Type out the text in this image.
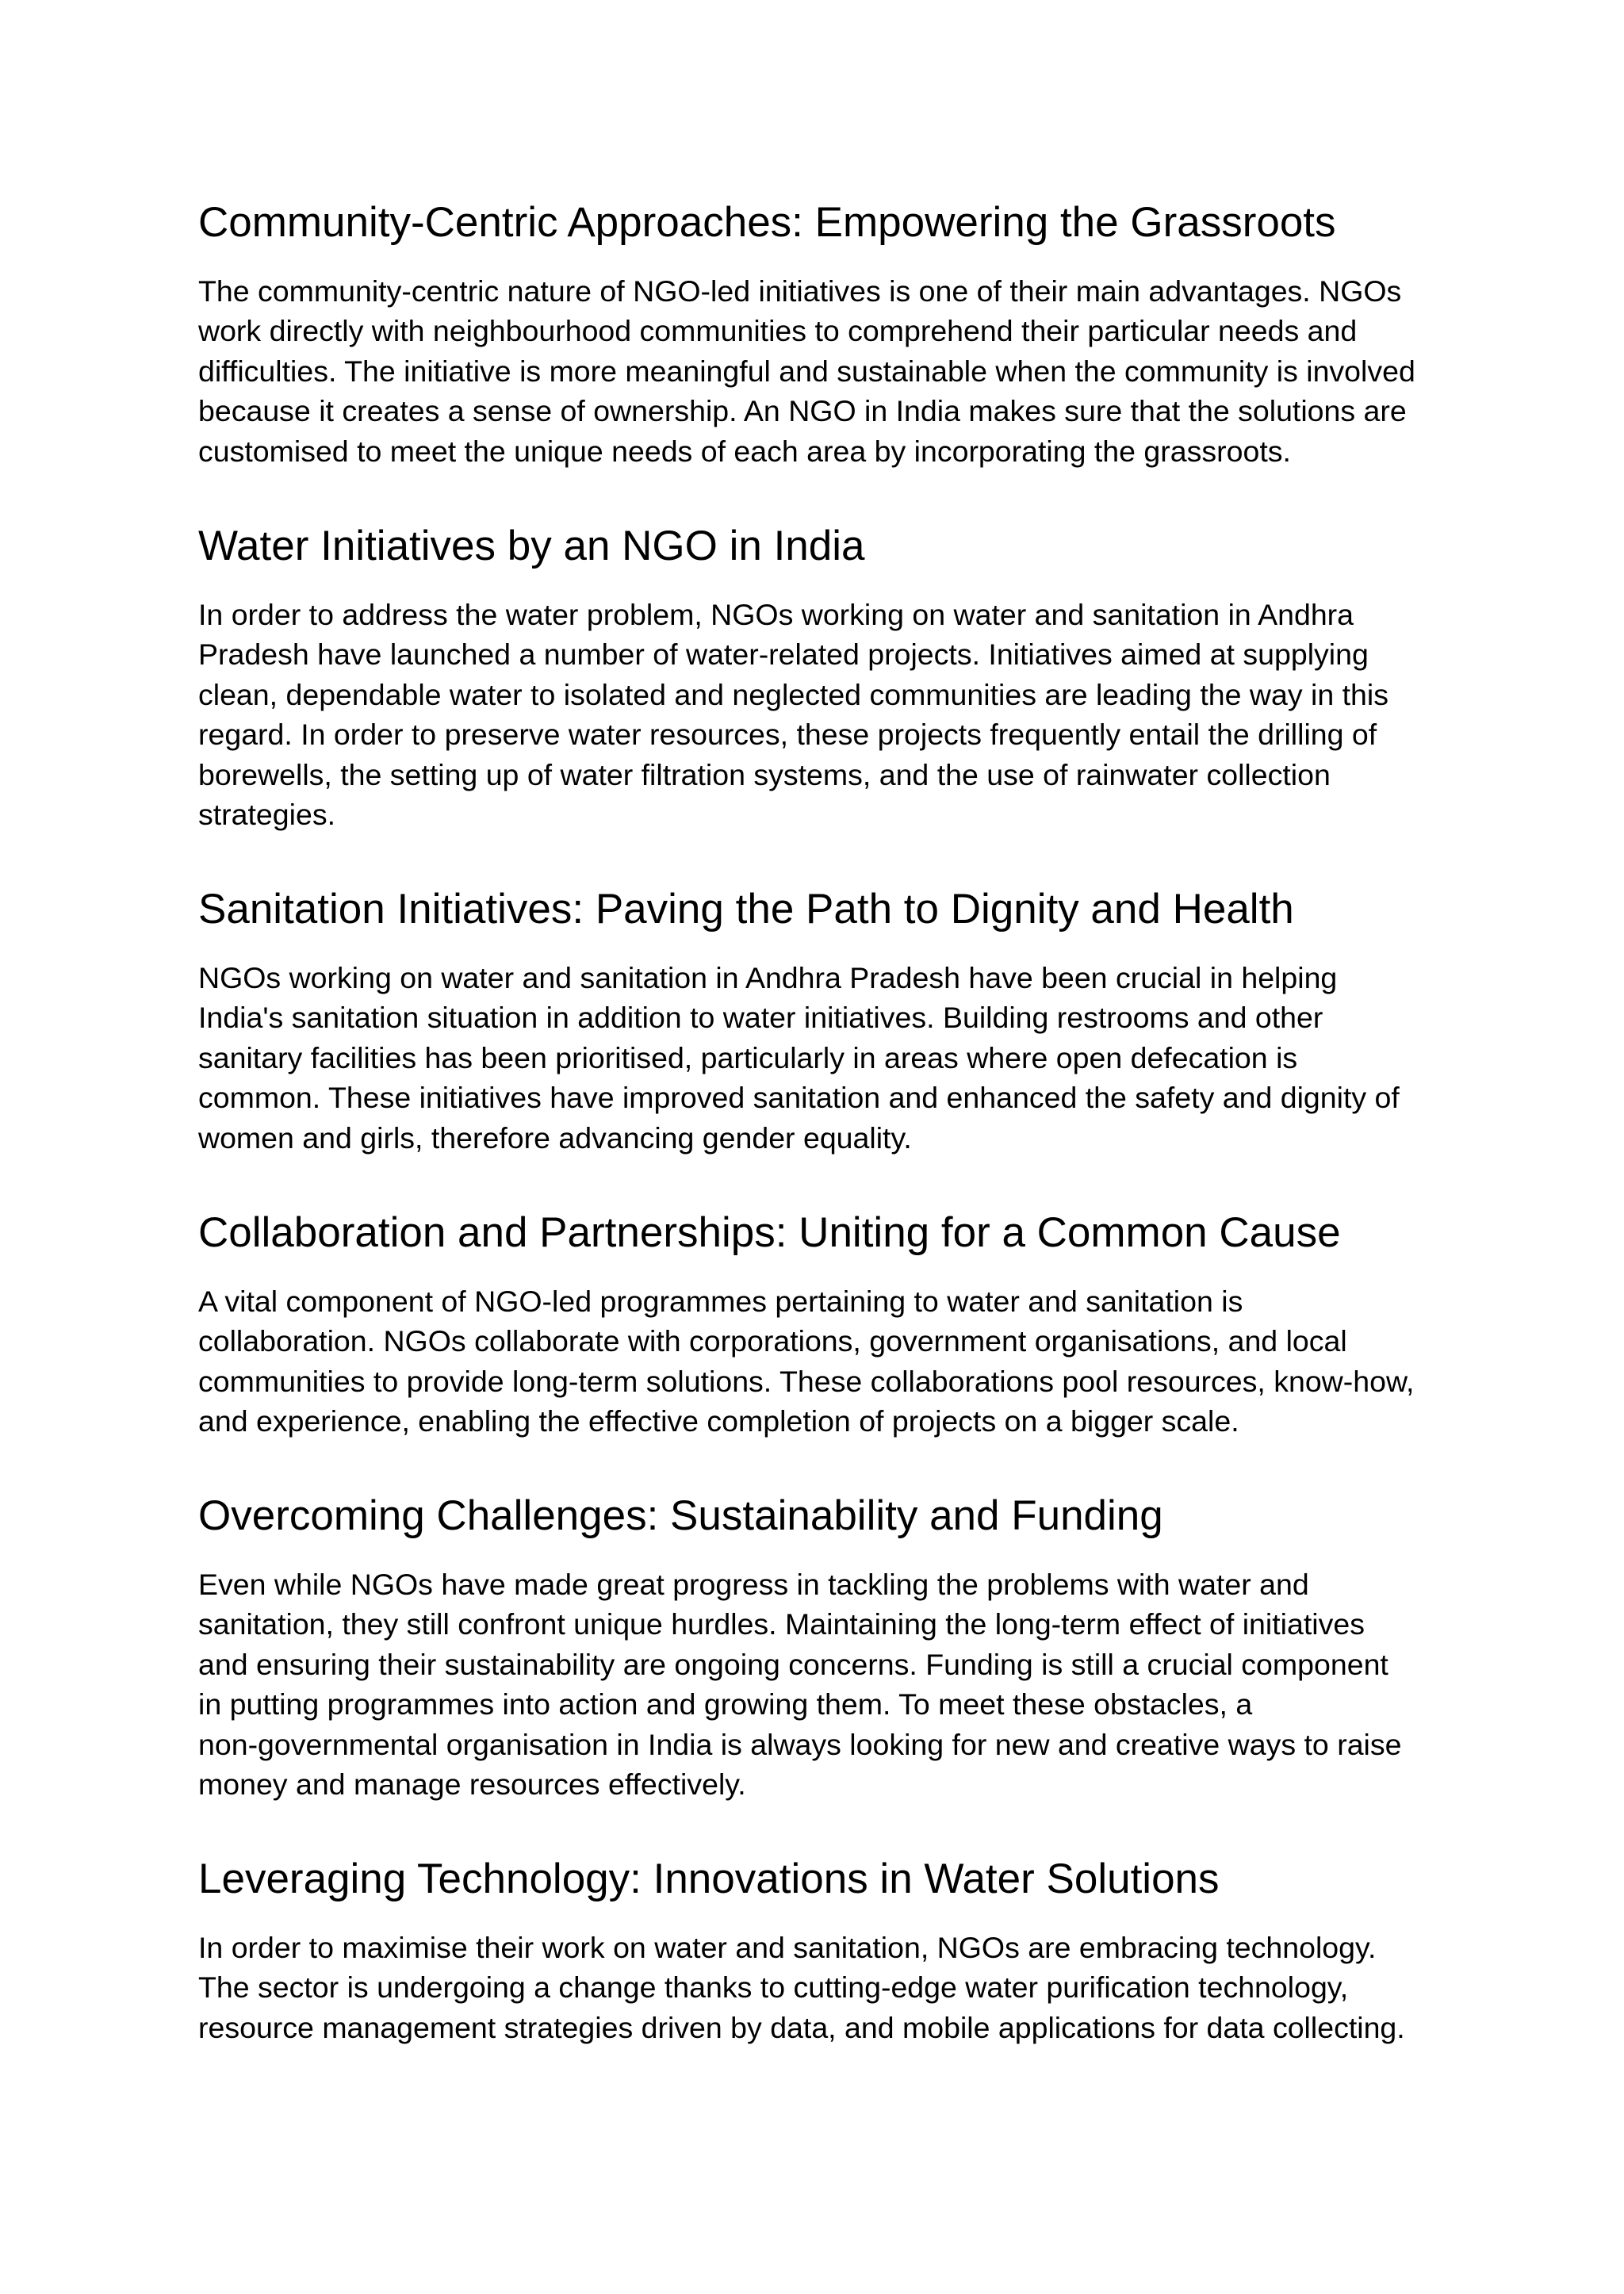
Community-Centric Approaches: Empowering the Grassroots

The community-centric nature of NGO-led initiatives is one of their main advantages. NGOs
work directly with neighbourhood communities to comprehend their particular needs and
difficulties. The initiative is more meaningful and sustainable when the community is involved
because it creates a sense of ownership. An NGO in India makes sure that the solutions are
customised to meet the unique needs of each area by incorporating the grassroots.

Water Initiatives by an NGO in India

In order to address the water problem, NGOs working on water and sanitation in Andhra
Pradesh have launched a number of water-related projects. Initiatives aimed at supplying
clean, dependable water to isolated and neglected communities are leading the way in this
regard. In order to preserve water resources, these projects frequently entail the drilling of
borewells, the setting up of water filtration systems, and the use of rainwater collection
strategies.

Sanitation Initiatives: Paving the Path to Dignity and Health

NGOs working on water and sanitation in Andhra Pradesh have been crucial in helping
India's sanitation situation in addition to water initiatives. Building restrooms and other
sanitary facilities has been prioritised, particularly in areas where open defecation is
common. These initiatives have improved sanitation and enhanced the safety and dignity of
women and girls, therefore advancing gender equality.

Collaboration and Partnerships: Uniting for a Common Cause

A vital component of NGO-led programmes pertaining to water and sanitation is
collaboration. NGOs collaborate with corporations, government organisations, and local
communities to provide long-term solutions. These collaborations pool resources, know-how,
and experience, enabling the effective completion of projects on a bigger scale.

Overcoming Challenges: Sustainability and Funding

Even while NGOs have made great progress in tackling the problems with water and
sanitation, they still confront unique hurdles. Maintaining the long-term effect of initiatives
and ensuring their sustainability are ongoing concerns. Funding is still a crucial component
in putting programmes into action and growing them. To meet these obstacles, a
non-governmental organisation in India is always looking for new and creative ways to raise
money and manage resources effectively.

Leveraging Technology: Innovations in Water Solutions

In order to maximise their work on water and sanitation, NGOs are embracing technology.
The sector is undergoing a change thanks to cutting-edge water purification technology,
resource management strategies driven by data, and mobile applications for data collecting.
